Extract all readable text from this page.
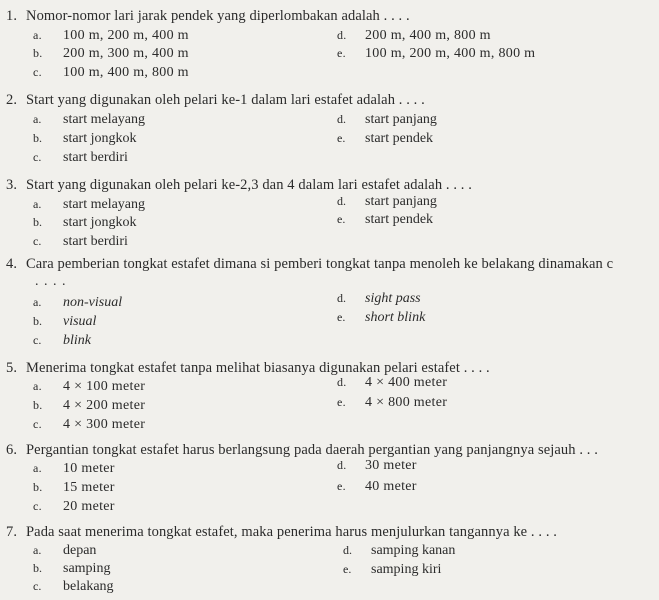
1. Nomor-nomor lari jarak pendek yang diperlombakan adalah . . . .
a. 100 m, 200 m, 400 m
b. 200 m, 300 m, 400 m
c. 100 m, 400 m, 800 m
d. 200 m, 400 m, 800 m
e. 100 m, 200 m, 400 m, 800 m
2. Start yang digunakan oleh pelari ke-1 dalam lari estafet adalah . . . .
a. start melayang
b. start jongkok
c. start berdiri
d. start panjang
e. start pendek
3. Start yang digunakan oleh pelari ke-2,3 dan 4 dalam lari estafet adalah . . . .
a. start melayang
b. start jongkok
c. start berdiri
d. start panjang
e. start pendek
4. Cara pemberian tongkat estafet dimana si pemberi tongkat tanpa menoleh ke belakang dinamakan c
. . . .
a. non-visual
b. visual
c. blink
d. sight pass
e. short blink
5. Menerima tongkat estafet tanpa melihat biasanya digunakan pelari estafet . . . .
a. 4 × 100 meter
b. 4 × 200 meter
c. 4 × 300 meter
d. 4 × 400 meter
e. 4 × 800 meter
6. Pergantian tongkat estafet harus berlangsung pada daerah pergantian yang panjangnya sejauh . . .
a. 10 meter
b. 15 meter
c. 20 meter
d. 30 meter
e. 40 meter
7. Pada saat menerima tongkat estafet, maka penerima harus menjulurkan tangannya ke . . . .
a. depan
b. samping
c. belakang
d. samping kanan
e. samping kiri
